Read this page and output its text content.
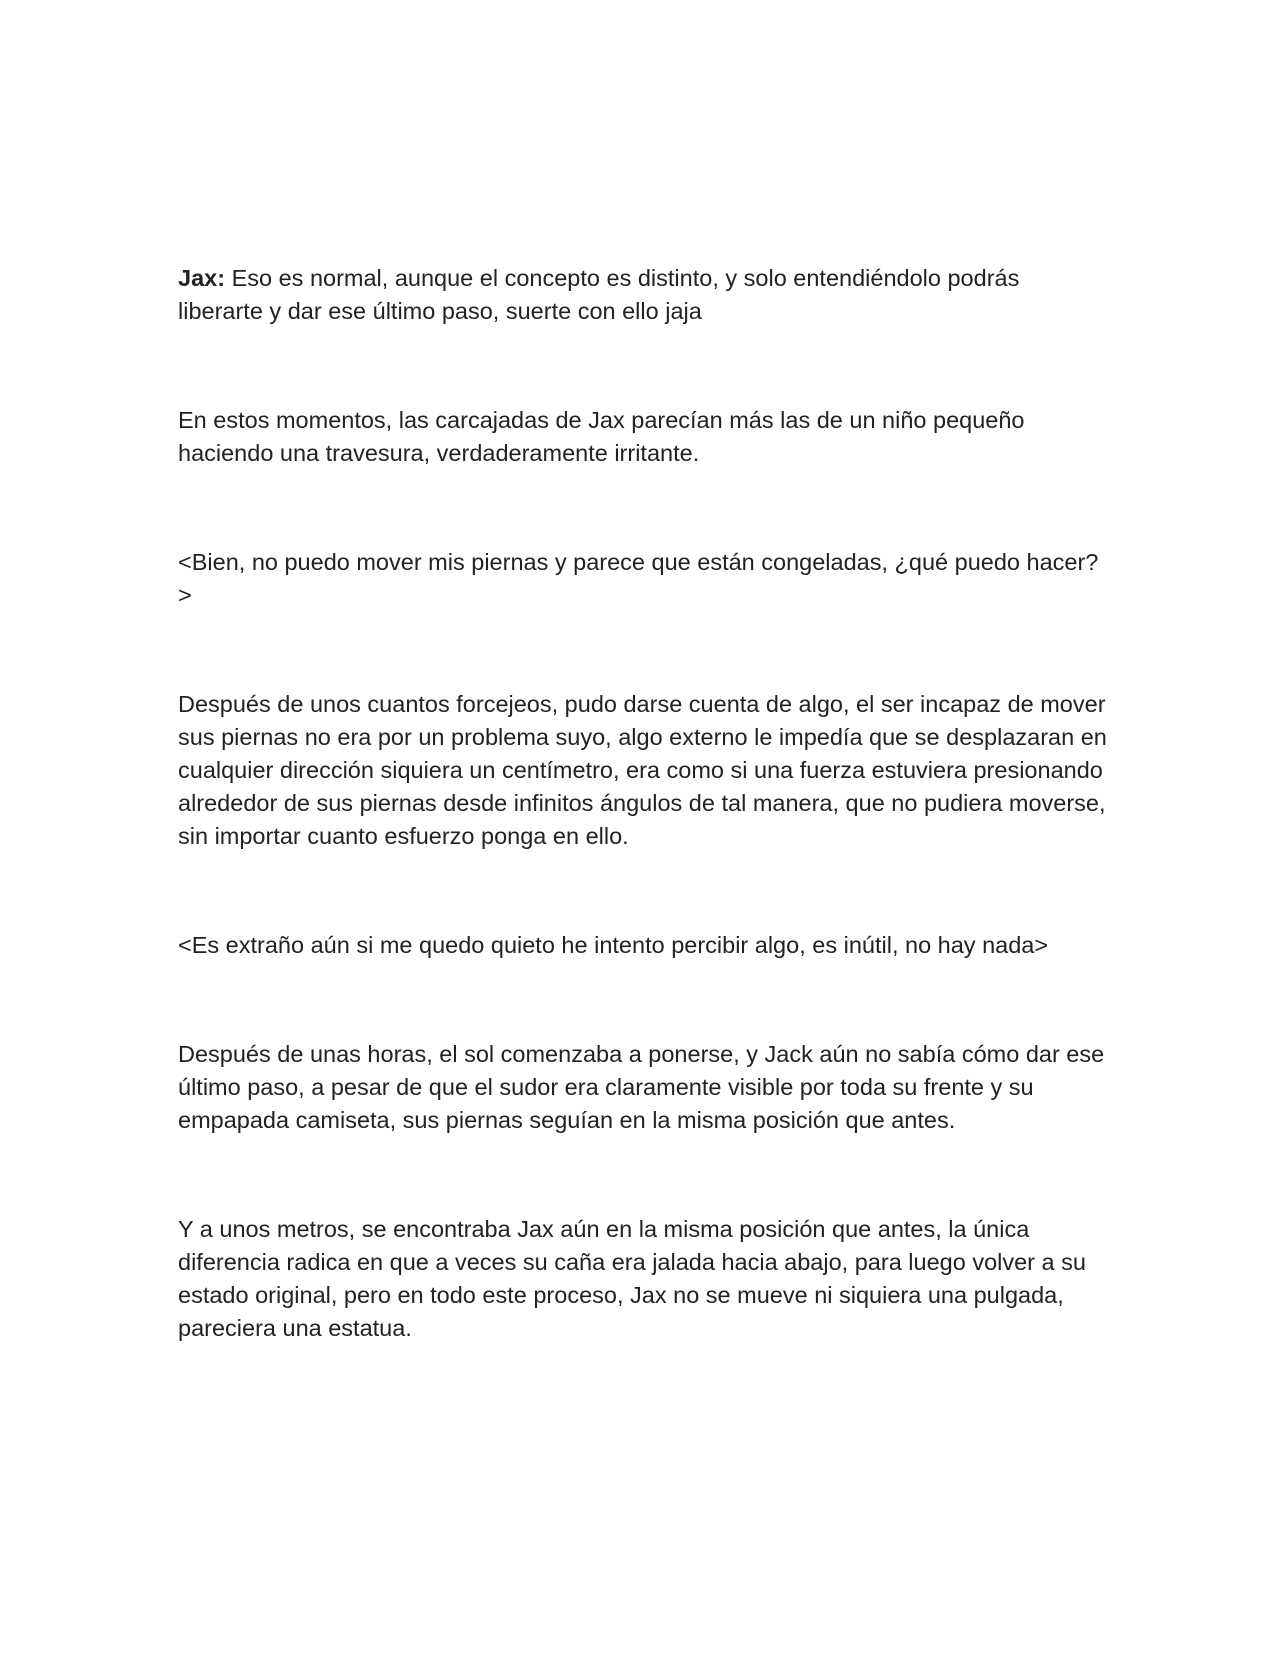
Jax: Eso es normal, aunque el concepto es distinto, y solo entendiéndolo podrás liberarte y dar ese último paso, suerte con ello jaja

En estos momentos, las carcajadas de Jax parecían más las de un niño pequeño haciendo una travesura, verdaderamente irritante.

<Bien, no puedo mover mis piernas y parece que están congeladas, ¿qué puedo hacer?>

Después de unos cuantos forcejeos, pudo darse cuenta de algo, el ser incapaz de mover sus piernas no era por un problema suyo, algo externo le impedía que se desplazaran en cualquier dirección siquiera un centímetro, era como si una fuerza estuviera presionando alrededor de sus piernas desde infinitos ángulos de tal manera, que no pudiera moverse, sin importar cuanto esfuerzo ponga en ello.

<Es extraño aún si me quedo quieto he intento percibir algo, es inútil, no hay nada>

Después de unas horas, el sol comenzaba a ponerse, y Jack aún no sabía cómo dar ese último paso, a pesar de que el sudor era claramente visible por toda su frente y su empapada camiseta, sus piernas seguían en la misma posición que antes.

Y a unos metros, se encontraba Jax aún en la misma posición que antes, la única diferencia radica en que a veces su caña era jalada hacia abajo, para luego volver a su estado original, pero en todo este proceso, Jax no se mueve ni siquiera una pulgada, pareciera una estatua.
